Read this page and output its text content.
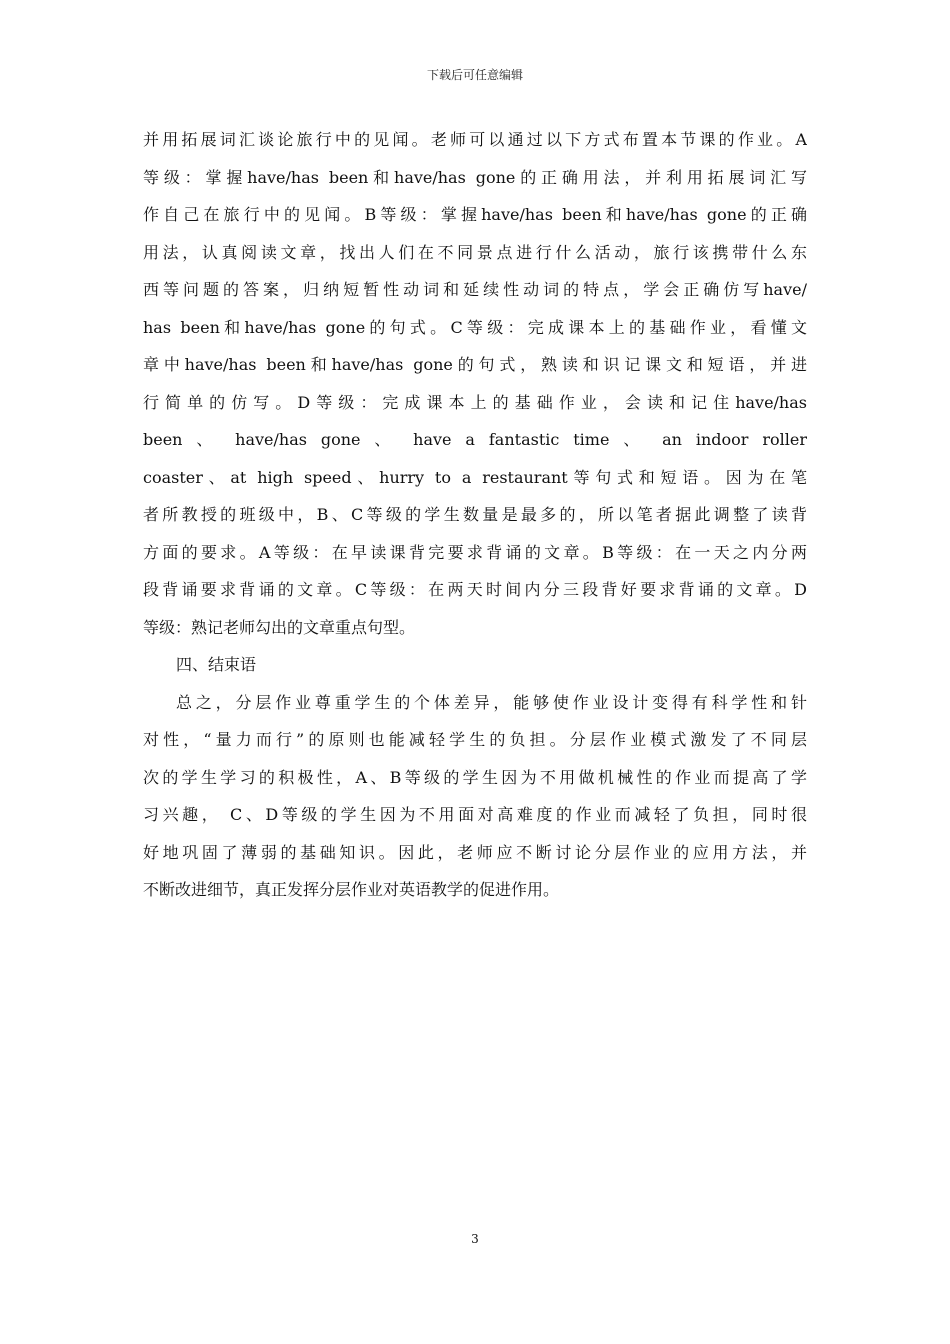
下载后可任意编辑
并用拓展词汇谈论旅行中的见闻。老师可以通过以下方式布置本节课的作业。A
等级：掌握have/has been和have/has gone的正确用法，并利用拓展词汇写
作自己在旅行中的见闻。B等级：掌握have/has been和have/has gone的正确
用法，认真阅读文章，找出人们在不同景点进行什么活动，旅行该携带什么东
西等问题的答案，归纳短暂性动词和延续性动词的特点，学会正确仿写have/
has been和have/has gone的句式。C等级：完成课本上的基础作业，看懂文
章中have/has been和have/has gone的句式，熟读和识记课文和短语，并进
行简单的仿写。D等级：完成课本上的基础作业，会读和记住have/has
been 、 have/has gone 、 have a fantastic time 、 an indoor roller
coaster、at high speed、hurry to a restaurant等句式和短语。因为在笔
者所教授的班级中，B、C等级的学生数量是最多的，所以笔者据此调整了读背
方面的要求。A等级：在早读课背完要求背诵的文章。B等级：在一天之内分两
段背诵要求背诵的文章。C等级：在两天时间内分三段背好要求背诵的文章。D
等级：熟记老师勾出的文章重点句型。
四、结束语
总之，分层作业尊重学生的个体差异，能够使作业设计变得有科学性和针
对性，“量力而行”的原则也能减轻学生的负担。分层作业模式激发了不同层
次的学生学习的积极性，A、B等级的学生因为不用做机械性的作业而提高了学
习兴趣， C、D等级的学生因为不用面对高难度的作业而减轻了负担，同时很
好地巩固了薄弱的基础知识。因此，老师应不断讨论分层作业的应用方法，并
不断改进细节，真正发挥分层作业对英语教学的促进作用。
3
